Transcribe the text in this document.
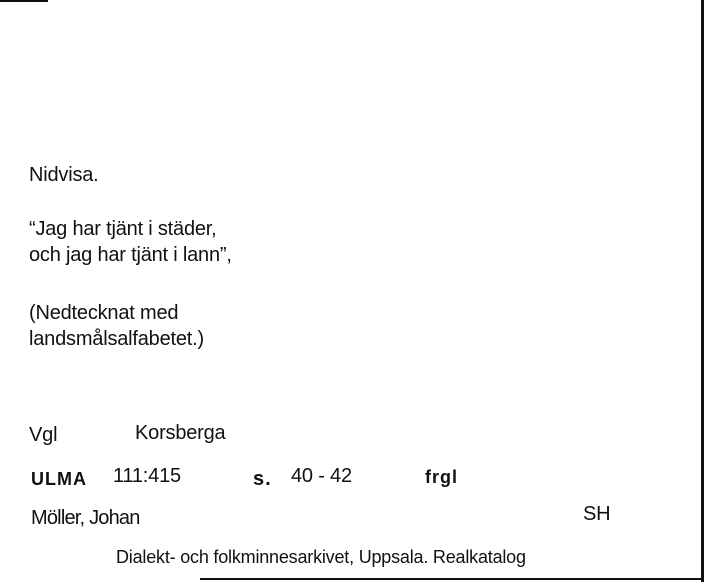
Nidvisa.
“Jag har tjänt i städer,
och jag har tjänt i lann”,
(Nedtecknat med
landsmålsalfabetet.)
Vgl	Korsberga
ULMA 111:415	s. 40 - 42	frgl
Möller, Johan	SH
Dialekt- och folkminnesarkivet, Uppsala. Realkatalog
